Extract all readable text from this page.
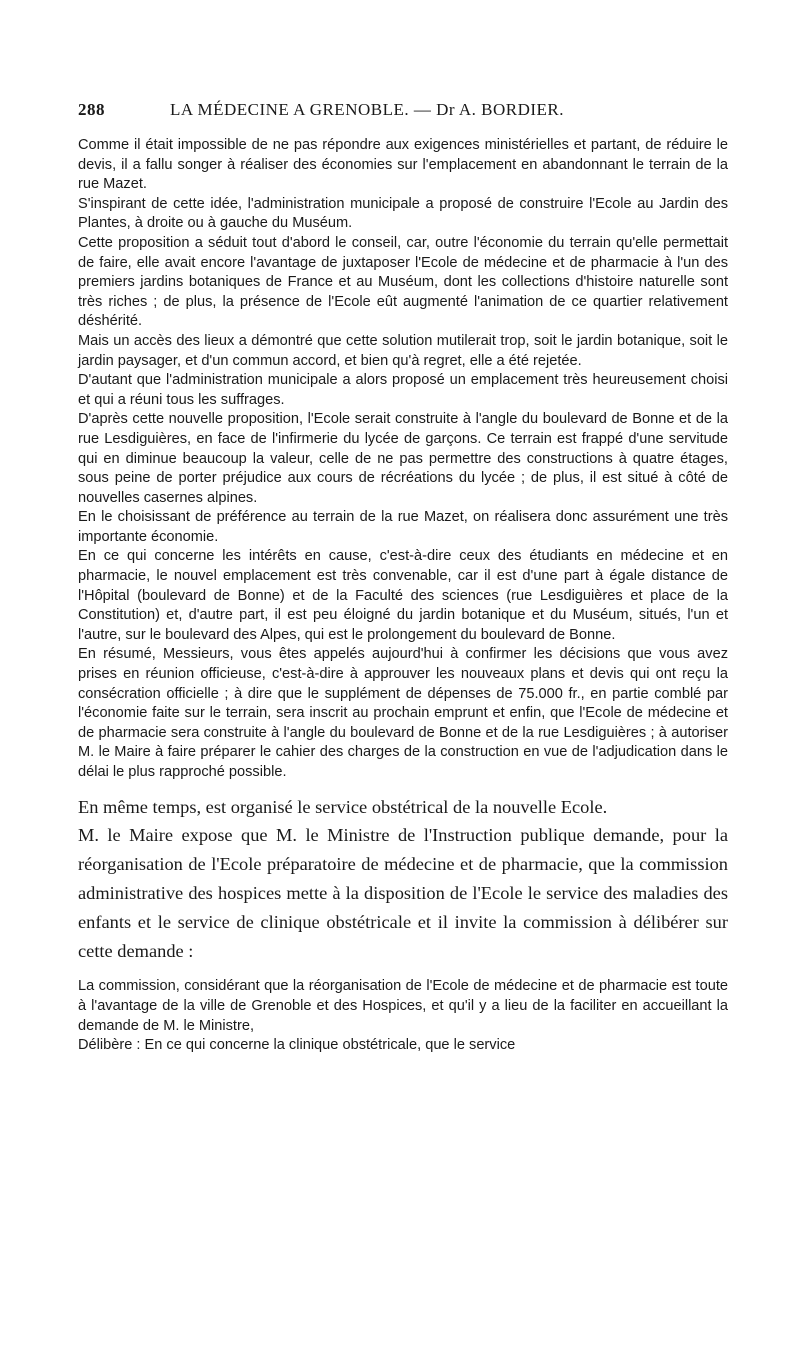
288	LA MÉDECINE A GRENOBLE. — Dr A. BORDIER.

Comme il était impossible de ne pas répondre aux exigences ministérielles et partant, de réduire le devis, il a fallu songer à réaliser des économies sur l'emplacement en abandonnant le terrain de la rue Mazet.

S'inspirant de cette idée, l'administration municipale a proposé de construire l'Ecole au Jardin des Plantes, à droite ou à gauche du Muséum.

Cette proposition a séduit tout d'abord le conseil, car, outre l'économie du terrain qu'elle permettait de faire, elle avait encore l'avantage de juxtaposer l'Ecole de médecine et de pharmacie à l'un des premiers jardins botaniques de France et au Muséum, dont les collections d'histoire naturelle sont très riches ; de plus, la présence de l'Ecole eût augmenté l'animation de ce quartier relativement déshérité.

Mais un accès des lieux a démontré que cette solution mutilerait trop, soit le jardin botanique, soit le jardin paysager, et d'un commun accord, et bien qu'à regret, elle a été rejetée.

D'autant que l'administration municipale a alors proposé un emplacement très heureusement choisi et qui a réuni tous les suffrages.

D'après cette nouvelle proposition, l'Ecole serait construite à l'angle du boulevard de Bonne et de la rue Lesdiguières, en face de l'infirmerie du lycée de garçons. Ce terrain est frappé d'une servitude qui en diminue beaucoup la valeur, celle de ne pas permettre des constructions à quatre étages, sous peine de porter préjudice aux cours de récréations du lycée ; de plus, il est situé à côté de nouvelles casernes alpines.

En le choisissant de préférence au terrain de la rue Mazet, on réalisera donc assurément une très importante économie.

En ce qui concerne les intérêts en cause, c'est-à-dire ceux des étudiants en médecine et en pharmacie, le nouvel emplacement est très convenable, car il est d'une part à égale distance de l'Hôpital (boulevard de Bonne) et de la Faculté des sciences (rue Lesdiguières et place de la Constitution) et, d'autre part, il est peu éloigné du jardin botanique et du Muséum, situés, l'un et l'autre, sur le boulevard des Alpes, qui est le prolongement du boulevard de Bonne.

En résumé, Messieurs, vous êtes appelés aujourd'hui à confirmer les décisions que vous avez prises en réunion officieuse, c'est-à-dire à approuver les nouveaux plans et devis qui ont reçu la consécration officielle ; à dire que le supplément de dépenses de 75.000 fr., en partie comblé par l'économie faite sur le terrain, sera inscrit au prochain emprunt et enfin, que l'Ecole de médecine et de pharmacie sera construite à l'angle du boulevard de Bonne et de la rue Lesdiguières ; à autoriser M. le Maire à faire préparer le cahier des charges de la construction en vue de l'adjudication dans le délai le plus rapproché possible.

En même temps, est organisé le service obstétrical de la nouvelle Ecole.

M. le Maire expose que M. le Ministre de l'Instruction publique demande, pour la réorganisation de l'Ecole préparatoire de médecine et de pharmacie, que la commission administrative des hospices mette à la disposition de l'Ecole le service des maladies des enfants et le service de clinique obstétricale et il invite la commission à délibérer sur cette demande :

La commission, considérant que la réorganisation de l'Ecole de médecine et de pharmacie est toute à l'avantage de la ville de Grenoble et des Hospices, et qu'il y a lieu de la faciliter en accueillant la demande de M. le Ministre,

Délibère : En ce qui concerne la clinique obstétricale, que le service
